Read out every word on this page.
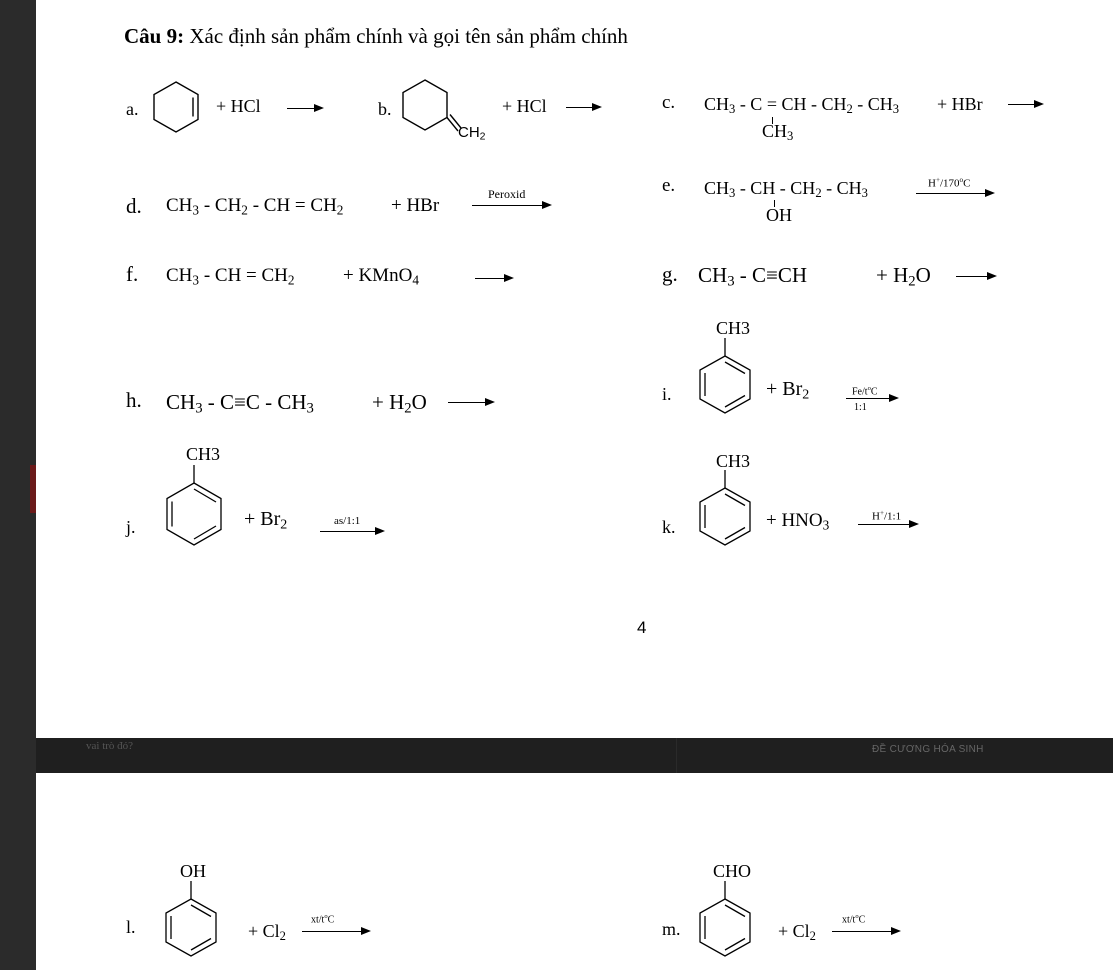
Câu 9: Xác định sản phẩm chính và gọi tên sản phẩm chính
a.	+ HCl	b.
$CH_2$
+ HCl	c. $CH_3$ - C = CH - $CH_2 - CH_3$
$CH_3$
+ HBr
d. $CH_3 - CH_2$ - CH = $CH_2$	+ HBr
Peroxid	e. $CH_3$ - CH - $CH_2 - CH_3$
OH
H+/170$^o$C
f. $CH_3$ - CH = $CH_2$	+ KMnO$_4$	g. $CH_3 - C\equiv CH$	+ $H_2O$
h. $CH_3 - C\equiv C - CH_3$	+ $H_2O$	i.
CH3
+ $Br_2$	$Fe/t^oC$
1:1
j.
CH3
+ $Br_2$	as/1:1	k.
CH3
+ $HNO_3$
H+/1:1
4
vai trò đó?	ĐỀ CƯƠNG HÓA SINH
l.
OH
+ $Cl_2$
$xt/t^oC$	m.
CHO
+ $Cl_2$
$xt/t^oC$
